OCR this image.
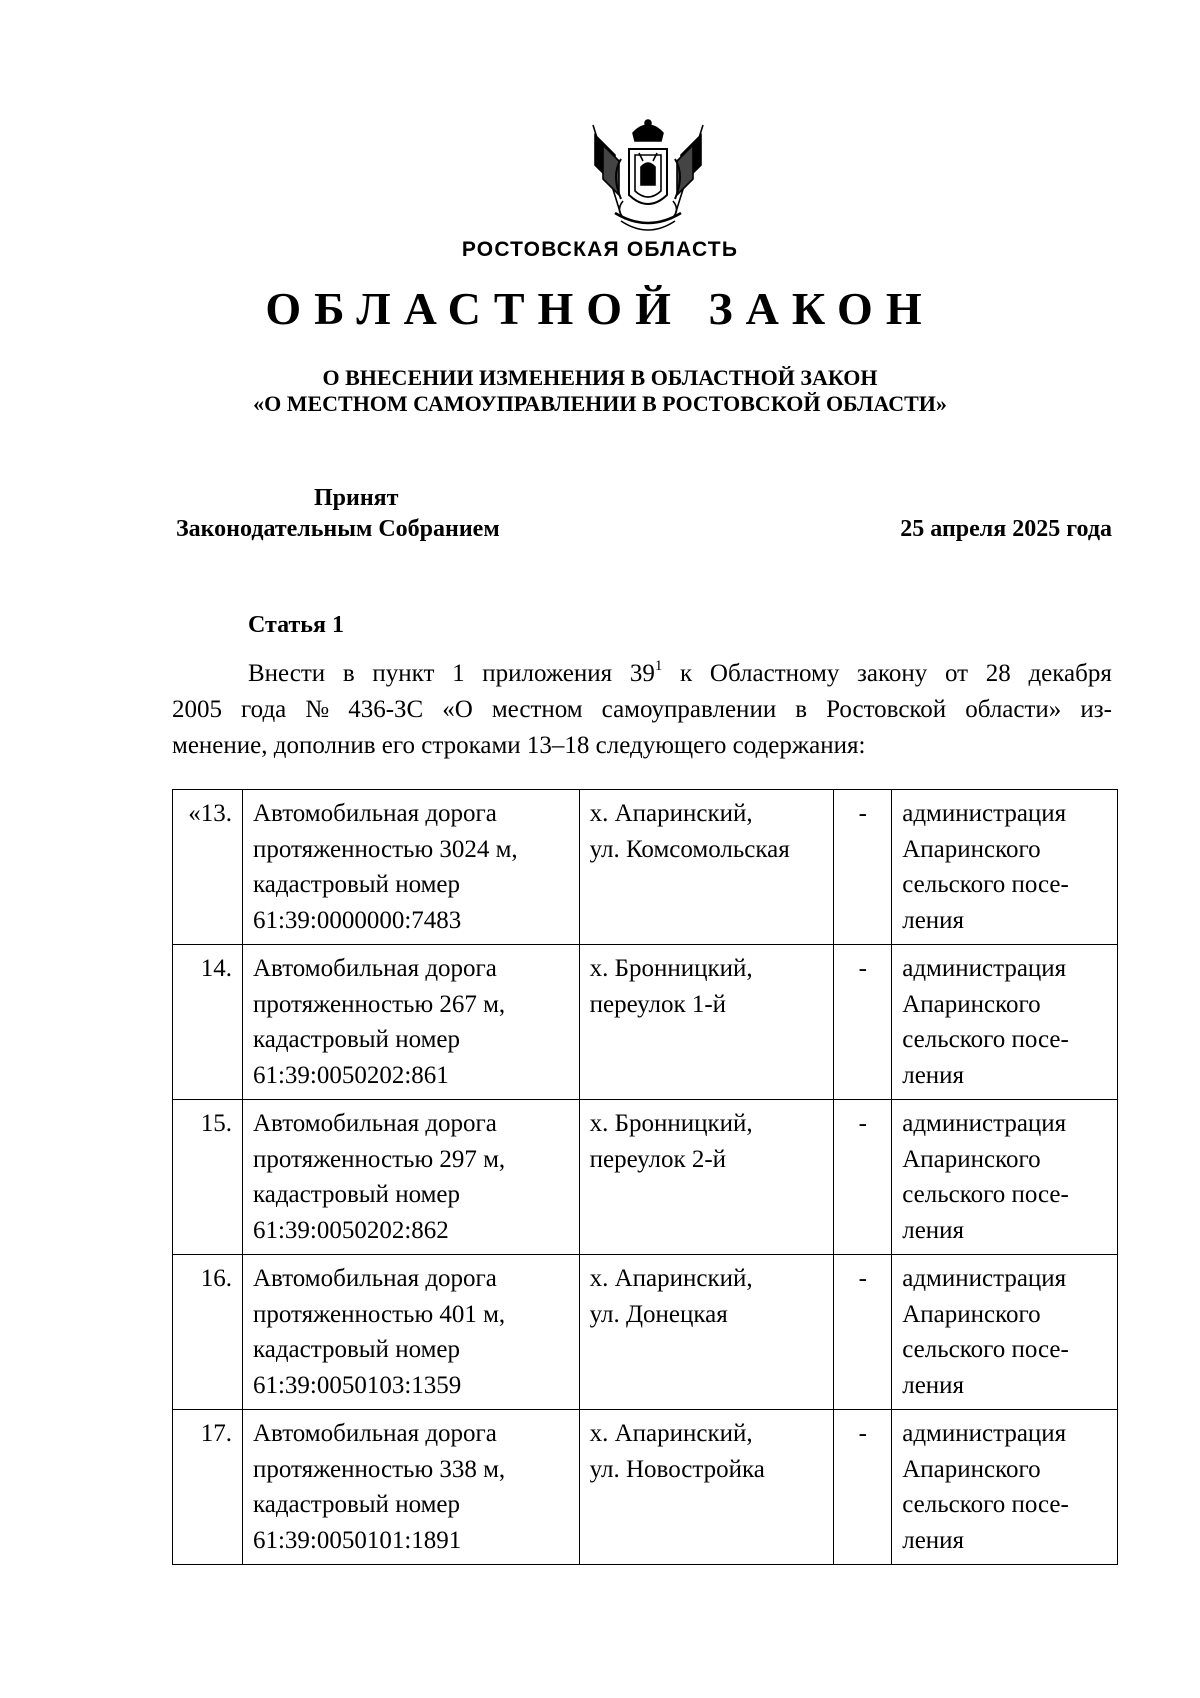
РОСТОВСКАЯ ОБЛАСТЬ
ОБЛАСТНОЙ ЗАКОН
О ВНЕСЕНИИ ИЗМЕНЕНИЯ В ОБЛАСТНОЙ ЗАКОН
«О МЕСТНОМ САМОУПРАВЛЕНИИ В РОСТОВСКОЙ ОБЛАСТИ»
Принят
Законодательным Собранием	25 апреля 2025 года
Статья 1
Внести в пункт 1 приложения $39^1$ к Областному закону от 28 декабря
2005 года № 436-ЗС «О местном самоуправлении в Ростовской области» из-
менение, дополнив его строками 13–18 следующего содержания:
«13.	Автомобильная дорога
протяженностью 3024 м,
кадастровый номер
61:39:0000000:7483	х. Апаринский,
ул. Комсомольская	-	администрация
Апаринского
сельского посе-
ления

14.	Автомобильная дорога
протяженностью 267 м,
кадастровый номер
61:39:0050202:861	х. Бронницкий,
переулок 1-й	-	администрация
Апаринского
сельского посе-
ления

15.	Автомобильная дорога
протяженностью 297 м,
кадастровый номер
61:39:0050202:862	х. Бронницкий,
переулок 2-й	-	администрация
Апаринского
сельского посе-
ления

16.	Автомобильная дорога
протяженностью 401 м,
кадастровый номер
61:39:0050103:1359	х. Апаринский,
ул. Донецкая	-	администрация
Апаринского
сельского посе-
ления

17.	Автомобильная дорога
протяженностью 338 м,
кадастровый номер
61:39:0050101:1891	х. Апаринский,
ул. Новостройка	-	администрация
Апаринского
сельского посе-
ления
